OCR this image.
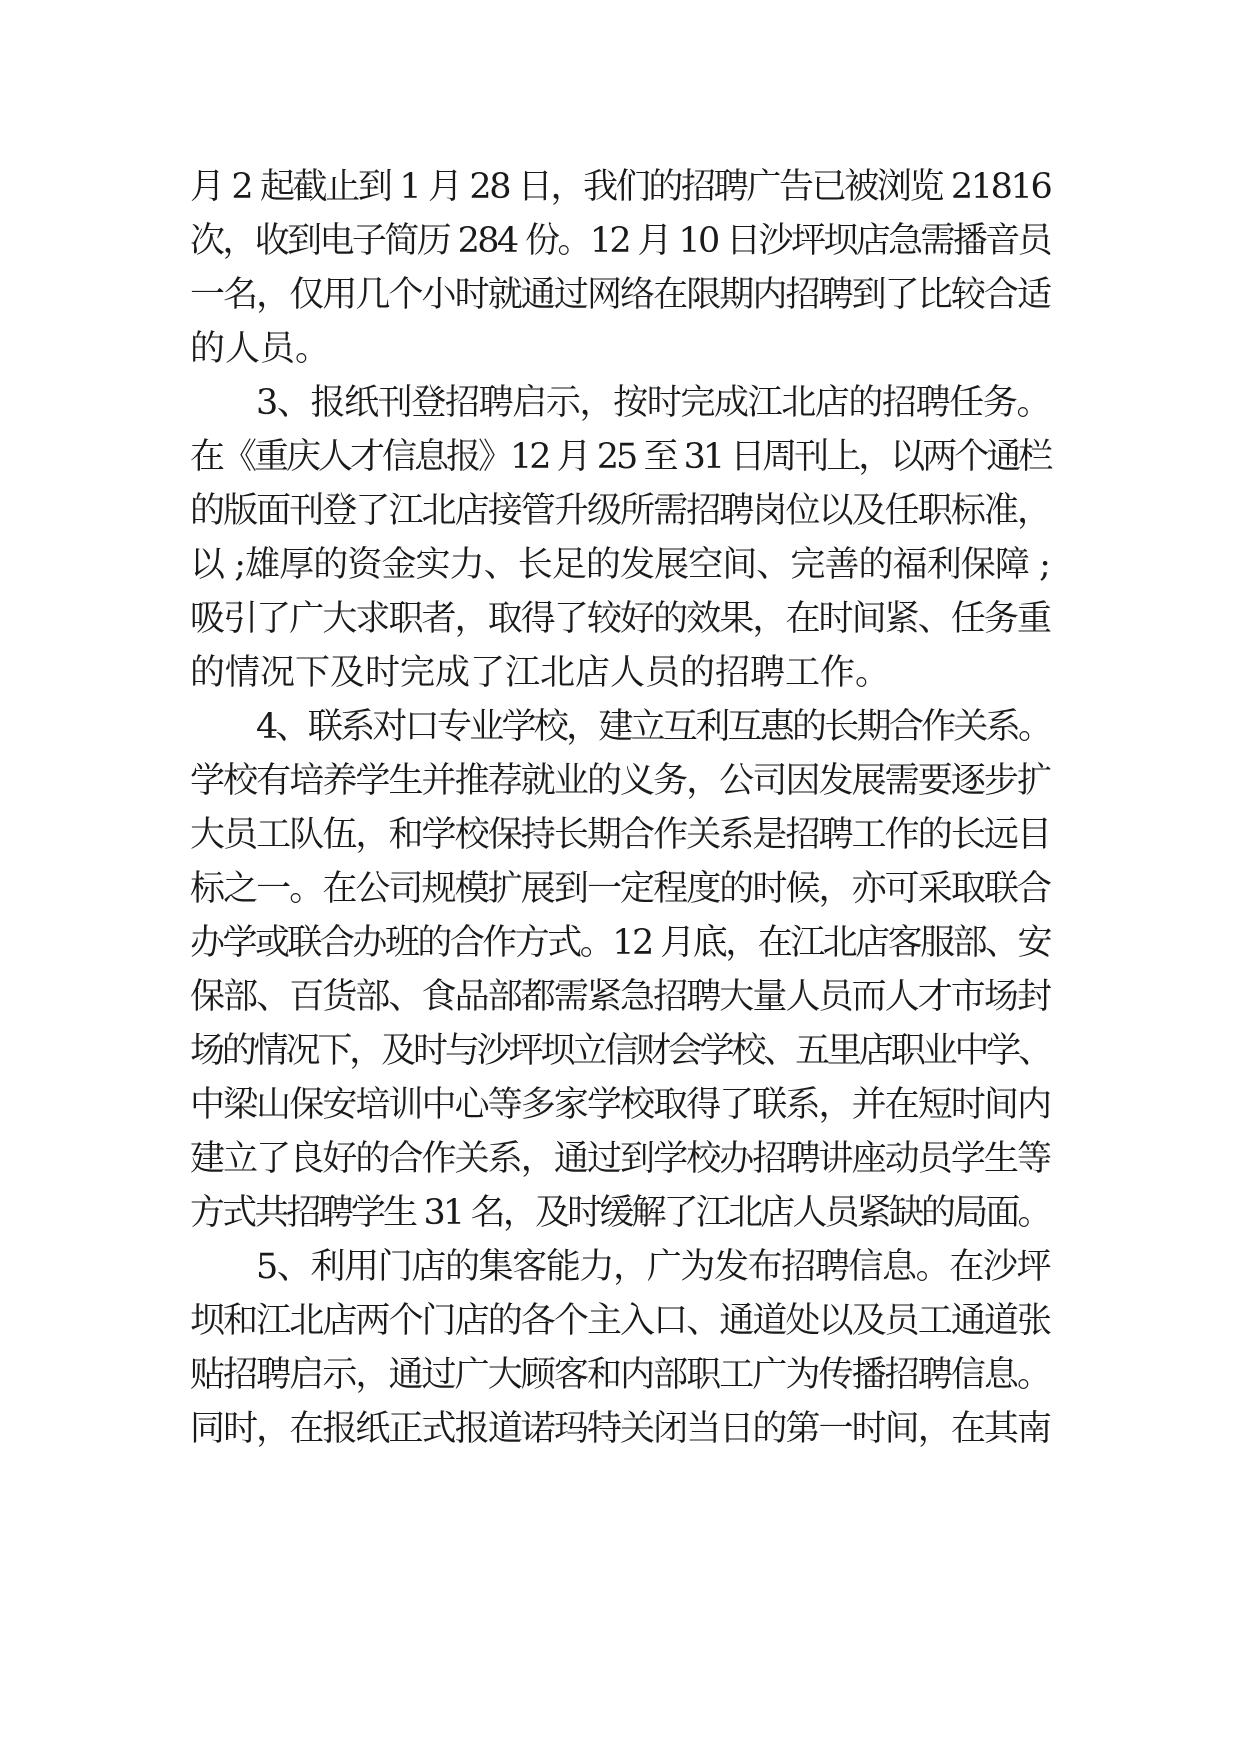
月 2 起截止到 1 月 28 日，我们的招聘广告已被浏览 21816
次，收到电子简历 284 份。12 月 10 日沙坪坝店急需播音员
一名，仅用几个小时就通过网络在限期内招聘到了比较合适
的人员。
3、报纸刊登招聘启示，按时完成江北店的招聘任务。
在《重庆人才信息报》12 月 25 至 31 日周刊上，以两个通栏
的版面刊登了江北店接管升级所需招聘岗位以及任职标准，
以 ;雄厚的资金实力、长足的发展空间、完善的福利保障 ;
吸引了广大求职者，取得了较好的效果，在时间紧、任务重
的情况下及时完成了江北店人员的招聘工作。
4、联系对口专业学校，建立互利互惠的长期合作关系。
学校有培养学生并推荐就业的义务，公司因发展需要逐步扩
大员工队伍，和学校保持长期合作关系是招聘工作的长远目
标之一。在公司规模扩展到一定程度的时候，亦可采取联合
办学或联合办班的合作方式。12 月底，在江北店客服部、安
保部、百货部、食品部都需紧急招聘大量人员而人才市场封
场的情况下，及时与沙坪坝立信财会学校、五里店职业中学、
中梁山保安培训中心等多家学校取得了联系，并在短时间内
建立了良好的合作关系，通过到学校办招聘讲座动员学生等
方式共招聘学生 31 名，及时缓解了江北店人员紧缺的局面。
5、利用门店的集客能力，广为发布招聘信息。在沙坪
坝和江北店两个门店的各个主入口、通道处以及员工通道张
贴招聘启示，通过广大顾客和内部职工广为传播招聘信息。
同时，在报纸正式报道诺玛特关闭当日的第一时间，在其南
